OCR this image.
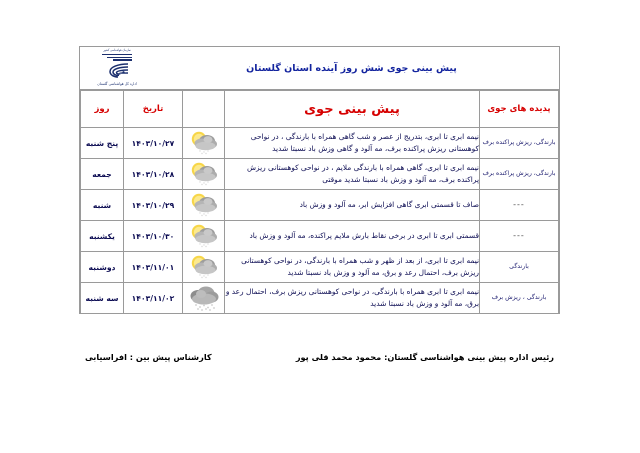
پیش بینی جوی شش روز آینده استان گلستان
سازمان هواشناسی کشور
اداره کل هواشناسی گلستان
پدیده های جوی	پیش بینی جوی		تاریخ	روز
بارندگی، ریزش پراکنده برف	نیمه ابری تا ابری، بتدریج از عصر و شب گاهی همراه با بارندگی ، در نواحی کوهستانی ریزش پراکنده برف، مه آلود و گاهی وزش باد نسبتا شدید		۱۴۰۳/۱۰/۲۷	پنج شنبه
بارندگی، ریزش پراکنده برف	نیمه ابری تا ابری، گاهی همراه با بارندگی ملایم ، در نواحی کوهستانی ریزش پراکنده برف، مه آلود و وزش باد نسبتا شدید موقتی		۱۴۰۳/۱۰/۲۸	جمعه
---	صاف تا قسمتی ابری گاهی افزایش ابر، مه آلود و وزش باد		۱۴۰۳/۱۰/۲۹	شنبه
---	قسمتی ابری تا ابری در برخی نقاط بارش ملایم پراکنده، مه آلود و وزش باد		۱۴۰۳/۱۰/۳۰	یکشنبه
بارندگی	نیمه ابری تا ابری، از بعد از ظهر و شب همراه با بارندگی، در نواحی کوهستانی ریزش برف، احتمال رعد و برق، مه آلود و وزش باد نسبتا شدید		۱۴۰۳/۱۱/۰۱	دوشنبه
بارندگی ، ریزش برف	نیمه ابری تا ابری همراه با بارندگی، در نواحی کوهستانی ریزش برف، احتمال رعد و برق، مه آلود و وزش باد نسبتا شدید		۱۴۰۳/۱۱/۰۲	سه شنبه
رئیس اداره پیش بینی هواشناسی گلستان: محمود محمد قلی پور
کارشناس پیش بین : افراسیابی
